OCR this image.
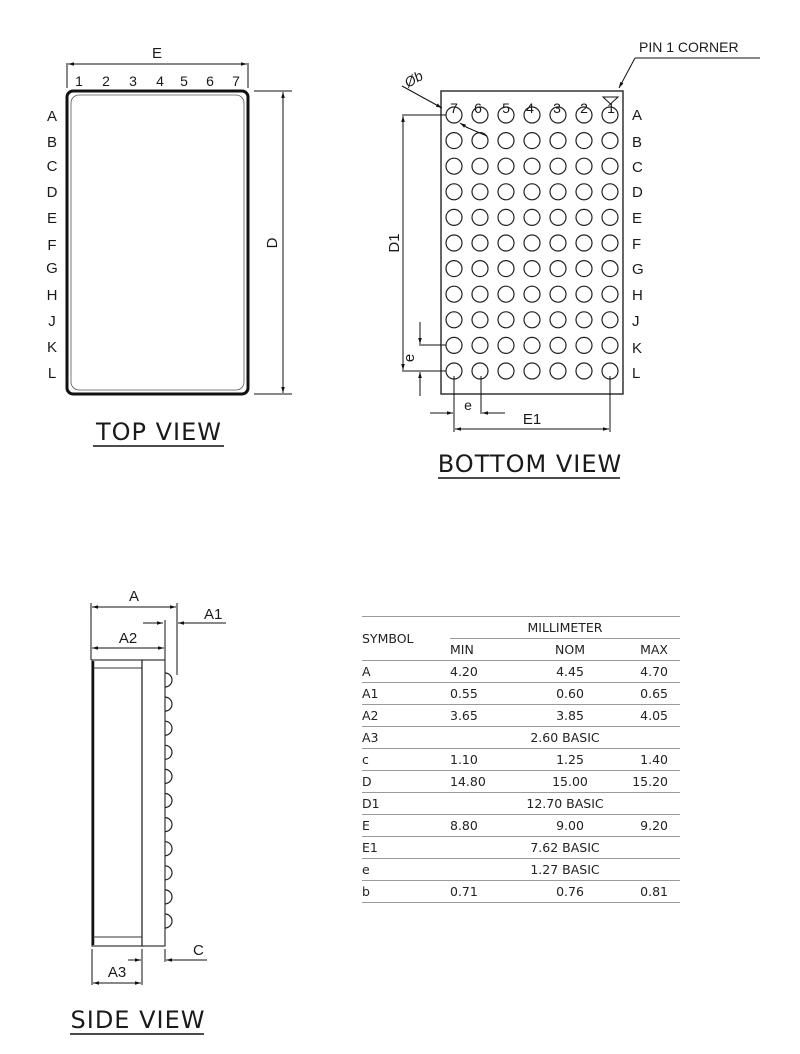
E
1 2 3 4 5 6 7
A
B
C
D
E
F
G
H
J
K
L
D
TOP VIEW
PIN 1 CORNER
7 6 5 4 3 2 1 A
B
C
D
E
F
G
H
J
K
L
Øb
D1
e
e
E1
BOTTOM VIEW
A
A1
A2
A3
C
SIDE VIEW
SYMBOL	MILLIMETER		
	MIN	NOM	MAX
A	4.20	4.45	4.70
A1	0.55	0.60	0.65
A2	3.65	3.85	4.05
A3	2.60 BASIC		
c	1.10	1.25	1.40
D	14.80	15.00	15.20
D1	12.70 BASIC		
E	8.80	9.00	9.20
E1	7.62 BASIC		
e	1.27 BASIC		
b	0.71	0.76	0.81
